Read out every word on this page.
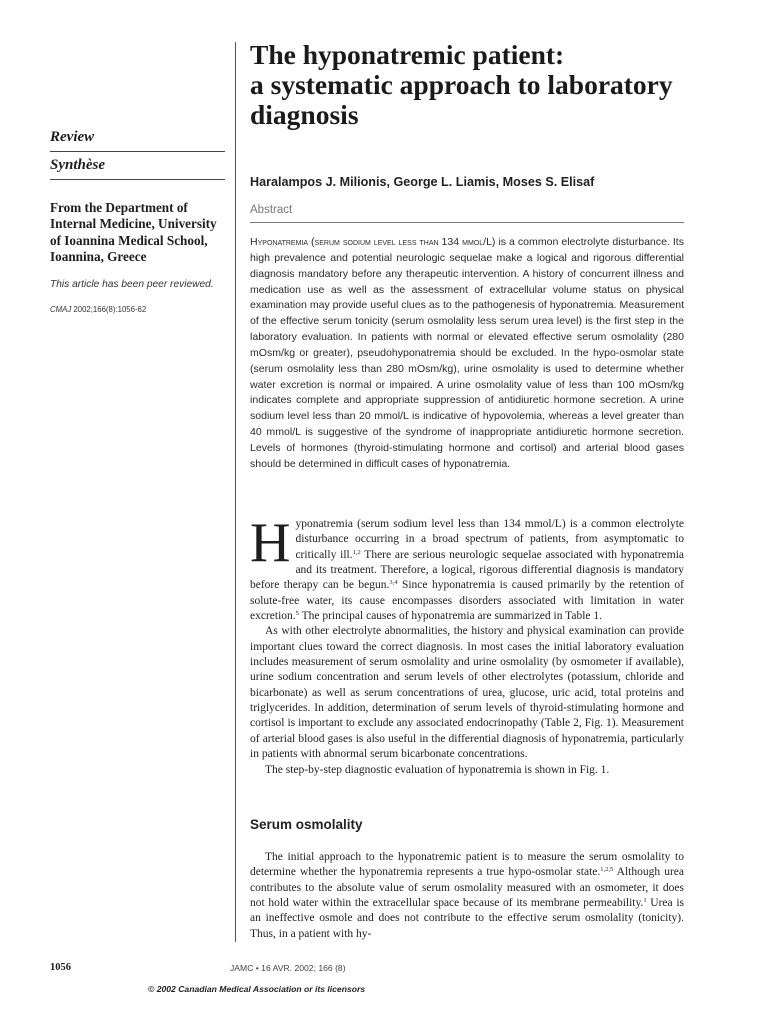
Review
Synthèse
From the Department of Internal Medicine, University of Ioannina Medical School, Ioannina, Greece
This article has been peer reviewed.
CMAJ 2002;166(8):1056-62
The hyponatremic patient:
a systematic approach to laboratory
diagnosis
Haralampos J. Milionis, George L. Liamis, Moses S. Elisaf
Abstract
Hyponatremia (serum sodium level less than 134 mmol/L) is a common electrolyte disturbance. Its high prevalence and potential neurologic sequelae make a logical and rigorous differential diagnosis mandatory before any therapeutic intervention. A history of concurrent illness and medication use as well as the assessment of extracellular volume status on physical examination may provide useful clues as to the pathogenesis of hyponatremia. Measurement of the effective serum tonicity (serum osmolality less serum urea level) is the first step in the laboratory evaluation. In patients with normal or elevated effective serum osmolality (280 mOsm/kg or greater), pseudohyponatremia should be excluded. In the hypo-osmolar state (serum osmolality less than 280 mOsm/kg), urine osmolality is used to determine whether water excretion is normal or impaired. A urine osmolality value of less than 100 mOsm/kg indicates complete and appropriate suppression of antidiuretic hormone secretion. A urine sodium level less than 20 mmol/L is indicative of hypovolemia, whereas a level greater than 40 mmol/L is suggestive of the syndrome of inappropriate antidiuretic hormone secretion. Levels of hormones (thyroid-stimulating hormone and cortisol) and arterial blood gases should be determined in difficult cases of hyponatremia.

Hyponatremia (serum sodium level less than 134 mmol/L) is a common electrolyte disturbance occurring in a broad spectrum of patients, from asymptomatic to critically ill.$^{1,2}$ There are serious neurologic sequelae associated with hyponatremia and its treatment. Therefore, a logical, rigorous differential diagnosis is mandatory before therapy can be begun.$^{3,4}$ Since hyponatremia is caused primarily by the retention of solute-free water, its cause encompasses disorders associated with limitation in water excretion.$^5$ The principal causes of hyponatremia are summarized in Table 1.

As with other electrolyte abnormalities, the history and physical examination can provide important clues toward the correct diagnosis. In most cases the initial laboratory evaluation includes measurement of serum osmolality and urine osmolality (by osmometer if available), urine sodium concentration and serum levels of other electrolytes (potassium, chloride and bicarbonate) as well as serum concentrations of urea, glucose, uric acid, total proteins and triglycerides. In addition, determination of serum levels of thyroid-stimulating hormone and cortisol is important to exclude any associated endocrinopathy (Table 2, Fig. 1). Measurement of arterial blood gases is also useful in the differential diagnosis of hyponatremia, particularly in patients with abnormal serum bicarbonate concentrations.

The step-by-step diagnostic evaluation of hyponatremia is shown in Fig. 1.

Serum osmolality

The initial approach to the hyponatremic patient is to measure the serum osmolality to determine whether the hyponatremia represents a true hypo-osmolar state.$^{1,2,5}$ Although urea contributes to the absolute value of serum osmolality measured with an osmometer, it does not hold water within the extracellular space because of its membrane permeability.$^1$ Urea is an ineffective osmole and does not contribute to the effective serum osmolality (tonicity). Thus, in a patient with hy-

1056	JAMC • 16 AVR. 2002; 166 (8)
© 2002 Canadian Medical Association or its licensors
